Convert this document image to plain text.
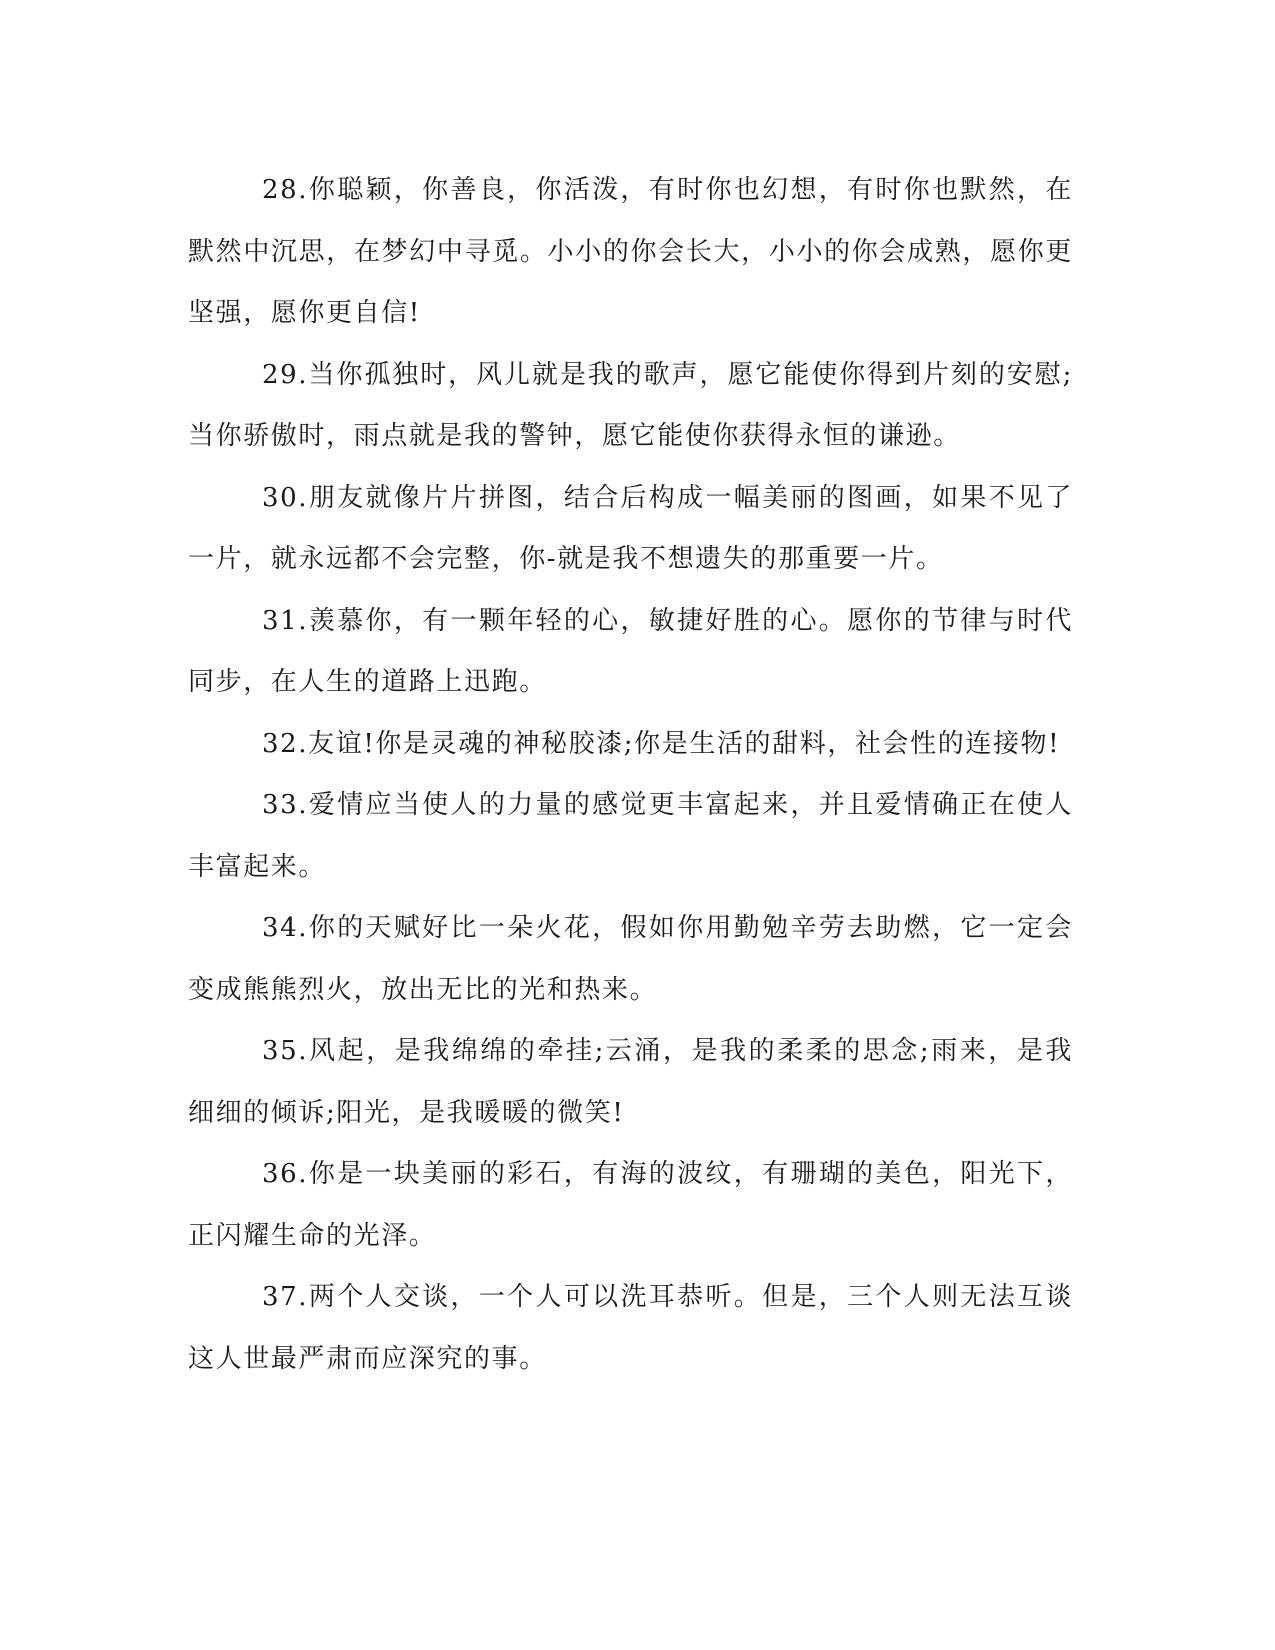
28.你聪颖，你善良，你活泼，有时你也幻想，有时你也默然，在默然中沉思，在梦幻中寻觅。小小的你会长大，小小的你会成熟，愿你更坚强，愿你更自信!

29.当你孤独时，风儿就是我的歌声，愿它能使你得到片刻的安慰;当你骄傲时，雨点就是我的警钟，愿它能使你获得永恒的谦逊。

30.朋友就像片片拼图，结合后构成一幅美丽的图画，如果不见了一片，就永远都不会完整，你-就是我不想遗失的那重要一片。

31.羡慕你，有一颗年轻的心，敏捷好胜的心。愿你的节律与时代同步，在人生的道路上迅跑。

32.友谊!你是灵魂的神秘胶漆;你是生活的甜料，社会性的连接物!

33.爱情应当使人的力量的感觉更丰富起来，并且爱情确正在使人丰富起来。

34.你的天赋好比一朵火花，假如你用勤勉辛劳去助燃，它一定会变成熊熊烈火，放出无比的光和热来。

35.风起，是我绵绵的牵挂;云涌，是我的柔柔的思念;雨来，是我细细的倾诉;阳光，是我暖暖的微笑!

36.你是一块美丽的彩石，有海的波纹，有珊瑚的美色，阳光下，正闪耀生命的光泽。

37.两个人交谈，一个人可以洗耳恭听。但是，三个人则无法互谈这人世最严肃而应深究的事。
